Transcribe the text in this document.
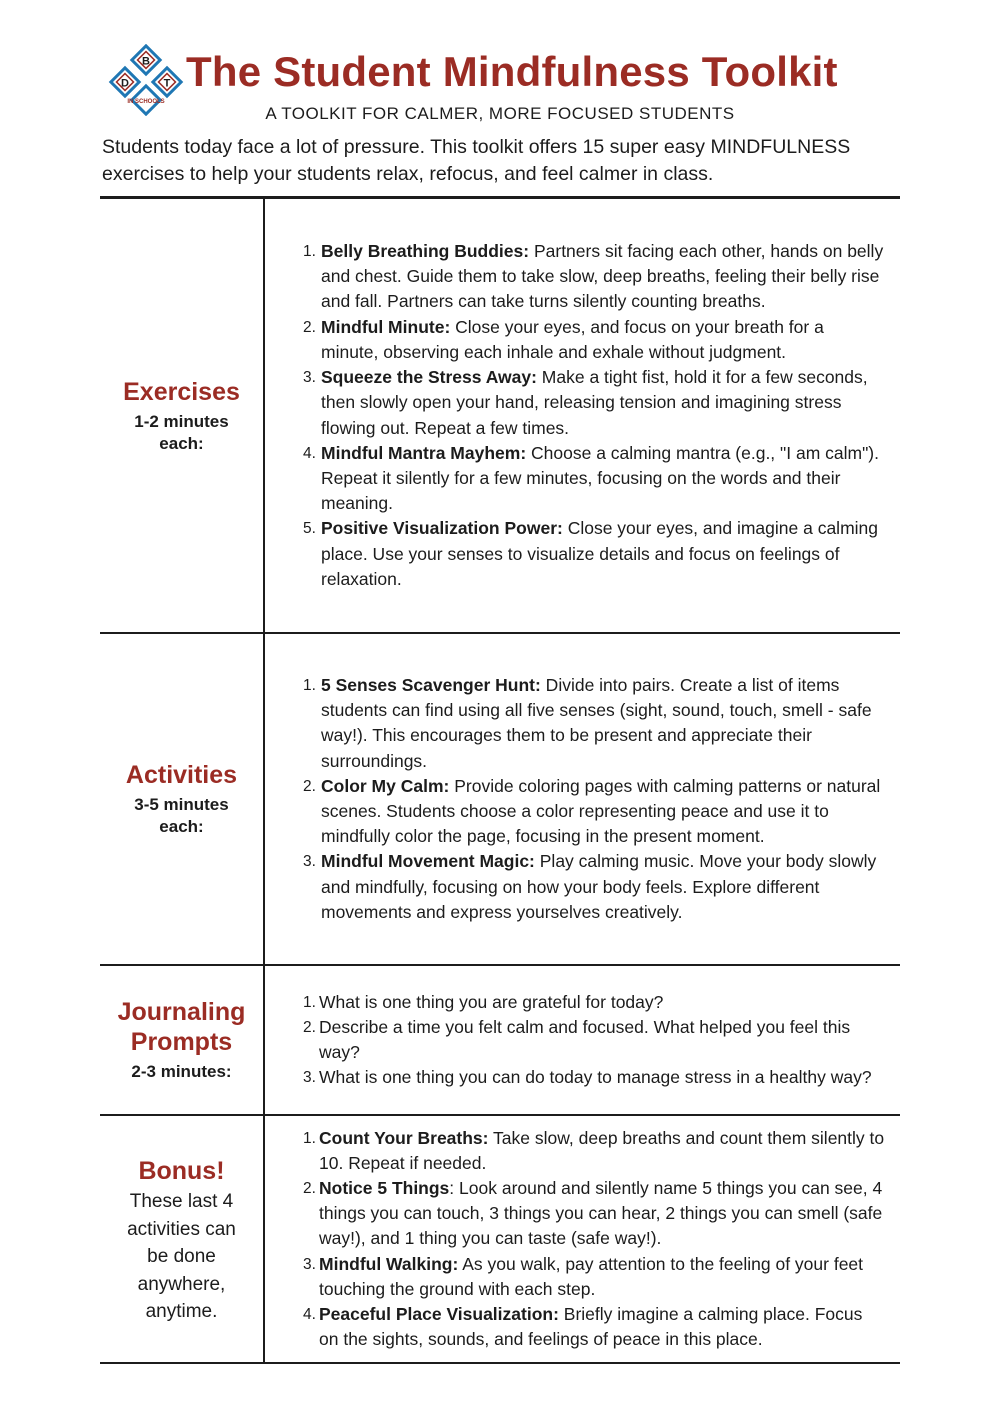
B
D	T
IN SCHOOLS
The Student Mindfulness Toolkit
A TOOLKIT FOR CALMER, MORE FOCUSED STUDENTS

Students today face a lot of pressure. This toolkit offers 15 super easy MINDFULNESS exercises to help your students relax, refocus, and feel calmer in class.

Exercises
1-2 minutes
each:
1. Belly Breathing Buddies: Partners sit facing each other, hands on belly and chest. Guide them to take slow, deep breaths, feeling their belly rise and fall. Partners can take turns silently counting breaths.
2. Mindful Minute: Close your eyes, and focus on your breath for a minute, observing each inhale and exhale without judgment.
3. Squeeze the Stress Away: Make a tight fist, hold it for a few seconds, then slowly open your hand, releasing tension and imagining stress flowing out. Repeat a few times.
4. Mindful Mantra Mayhem: Choose a calming mantra (e.g., "I am calm"). Repeat it silently for a few minutes, focusing on the words and their meaning.
5. Positive Visualization Power: Close your eyes, and imagine a calming place. Use your senses to visualize details and focus on feelings of relaxation.
Activities
3-5 minutes
each:
1. 5 Senses Scavenger Hunt: Divide into pairs. Create a list of items students can find using all five senses (sight, sound, touch, smell - safe way!). This encourages them to be present and appreciate their surroundings.
2. Color My Calm: Provide coloring pages with calming patterns or natural scenes. Students choose a color representing peace and use it to mindfully color the page, focusing in the present moment.
3. Mindful Movement Magic: Play calming music. Move your body slowly and mindfully, focusing on how your body feels. Explore different movements and express yourselves creatively.
Journaling
Prompts
2-3 minutes:
1. What is one thing you are grateful for today?
2. Describe a time you felt calm and focused. What helped you feel this way?
3. What is one thing you can do today to manage stress in a healthy way?
Bonus!
These last 4 activities can be done anywhere, anytime.
1. Count Your Breaths: Take slow, deep breaths and count them silently to 10. Repeat if needed.
2. Notice 5 Things: Look around and silently name 5 things you can see, 4 things you can touch, 3 things you can hear, 2 things you can smell (safe way!), and 1 thing you can taste (safe way!).
3. Mindful Walking: As you walk, pay attention to the feeling of your feet touching the ground with each step.
4. Peaceful Place Visualization: Briefly imagine a calming place. Focus on the sights, sounds, and feelings of peace in this place.
